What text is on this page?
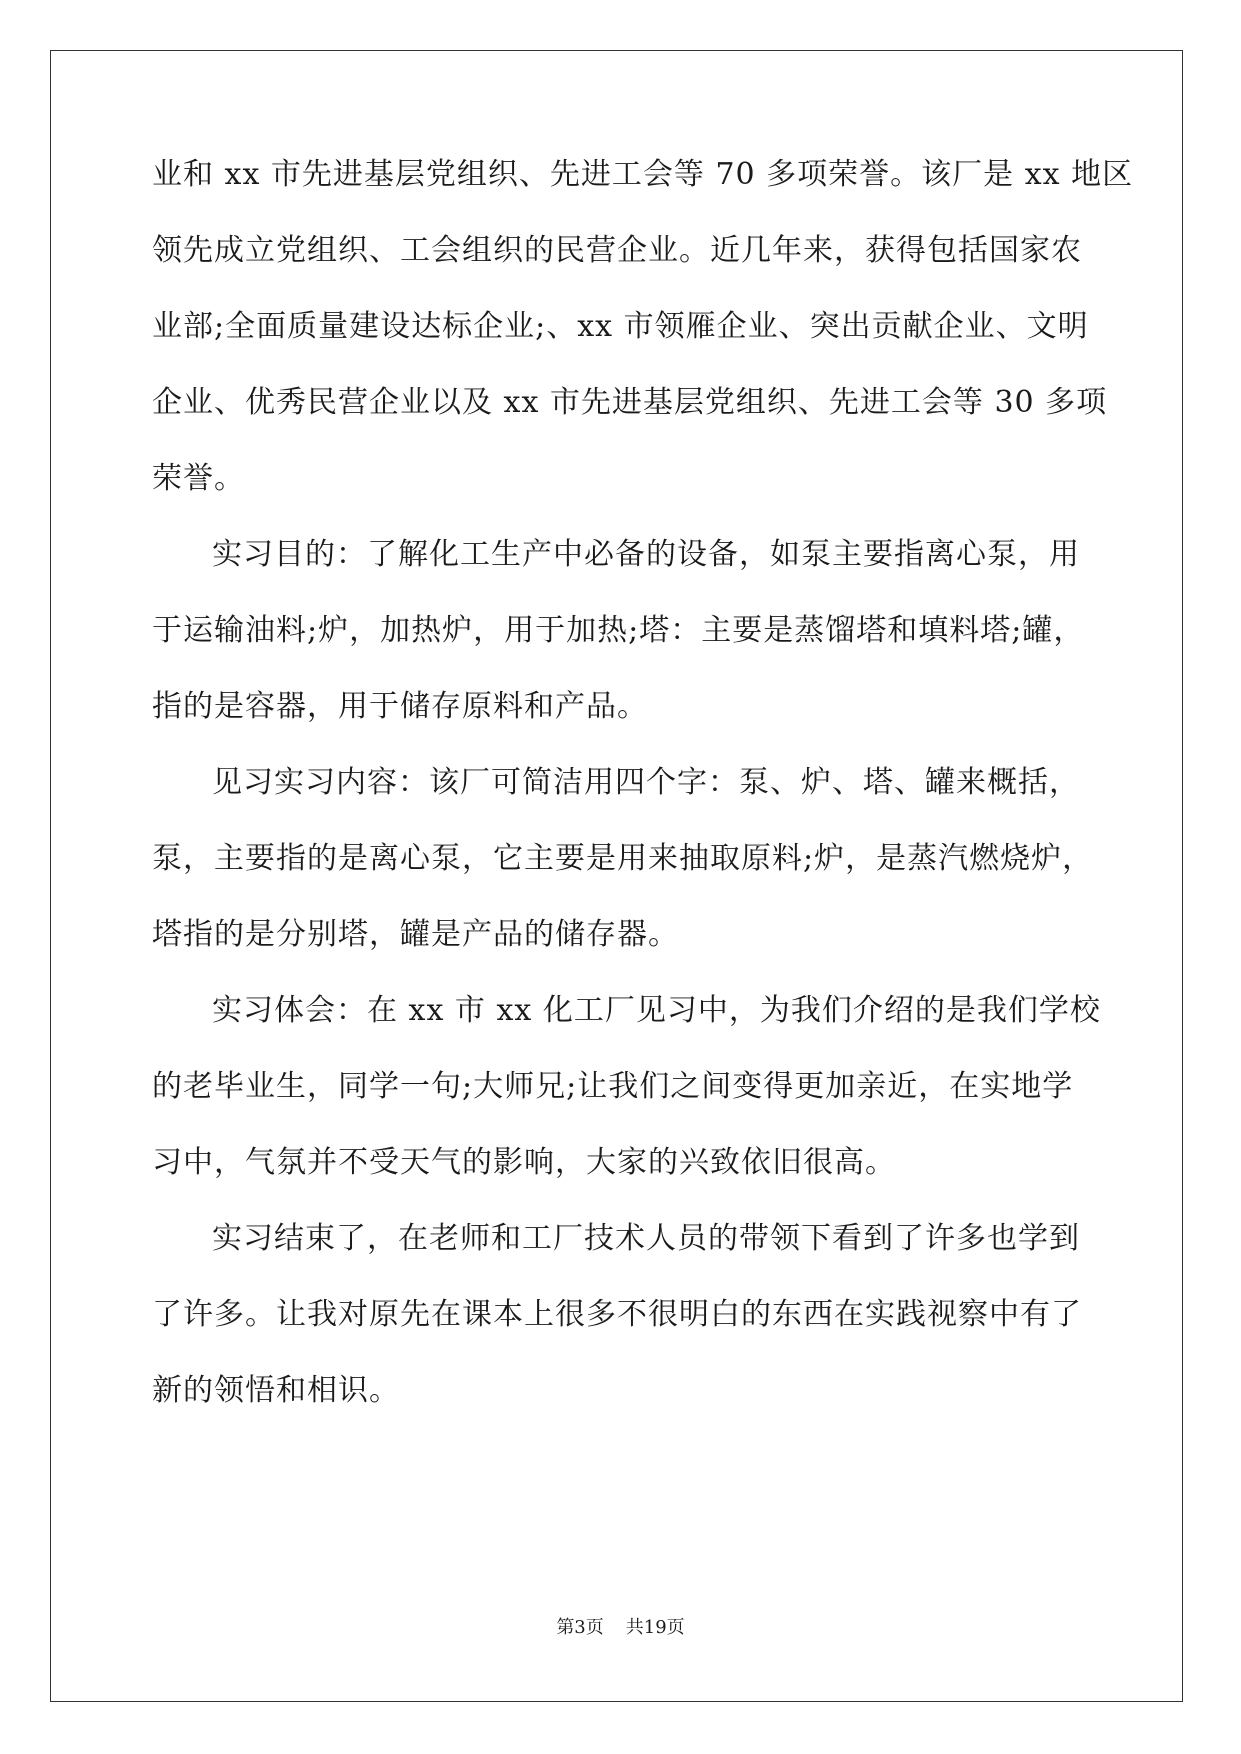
业和 xx 市先进基层党组织、先进工会等 70 多项荣誉。该厂是 xx 地区
领先成立党组织、工会组织的民营企业。近几年来，获得包括国家农
业部;全面质量建设达标企业;、xx 市领雁企业、突出贡献企业、文明
企业、优秀民营企业以及 xx 市先进基层党组织、先进工会等 30 多项
荣誉。
实习目的：了解化工生产中必备的设备，如泵主要指离心泵，用
于运输油料;炉，加热炉，用于加热;塔：主要是蒸馏塔和填料塔;罐，
指的是容器，用于储存原料和产品。
见习实习内容：该厂可简洁用四个字：泵、炉、塔、罐来概括，
泵，主要指的是离心泵，它主要是用来抽取原料;炉，是蒸汽燃烧炉，
塔指的是分别塔，罐是产品的储存器。
实习体会：在 xx 市 xx 化工厂见习中，为我们介绍的是我们学校
的老毕业生，同学一句;大师兄;让我们之间变得更加亲近，在实地学
习中，气氛并不受天气的影响，大家的兴致依旧很高。
实习结束了，在老师和工厂技术人员的带领下看到了许多也学到
了许多。让我对原先在课本上很多不很明白的东西在实践视察中有了
新的领悟和相识。
第3页 共19页
